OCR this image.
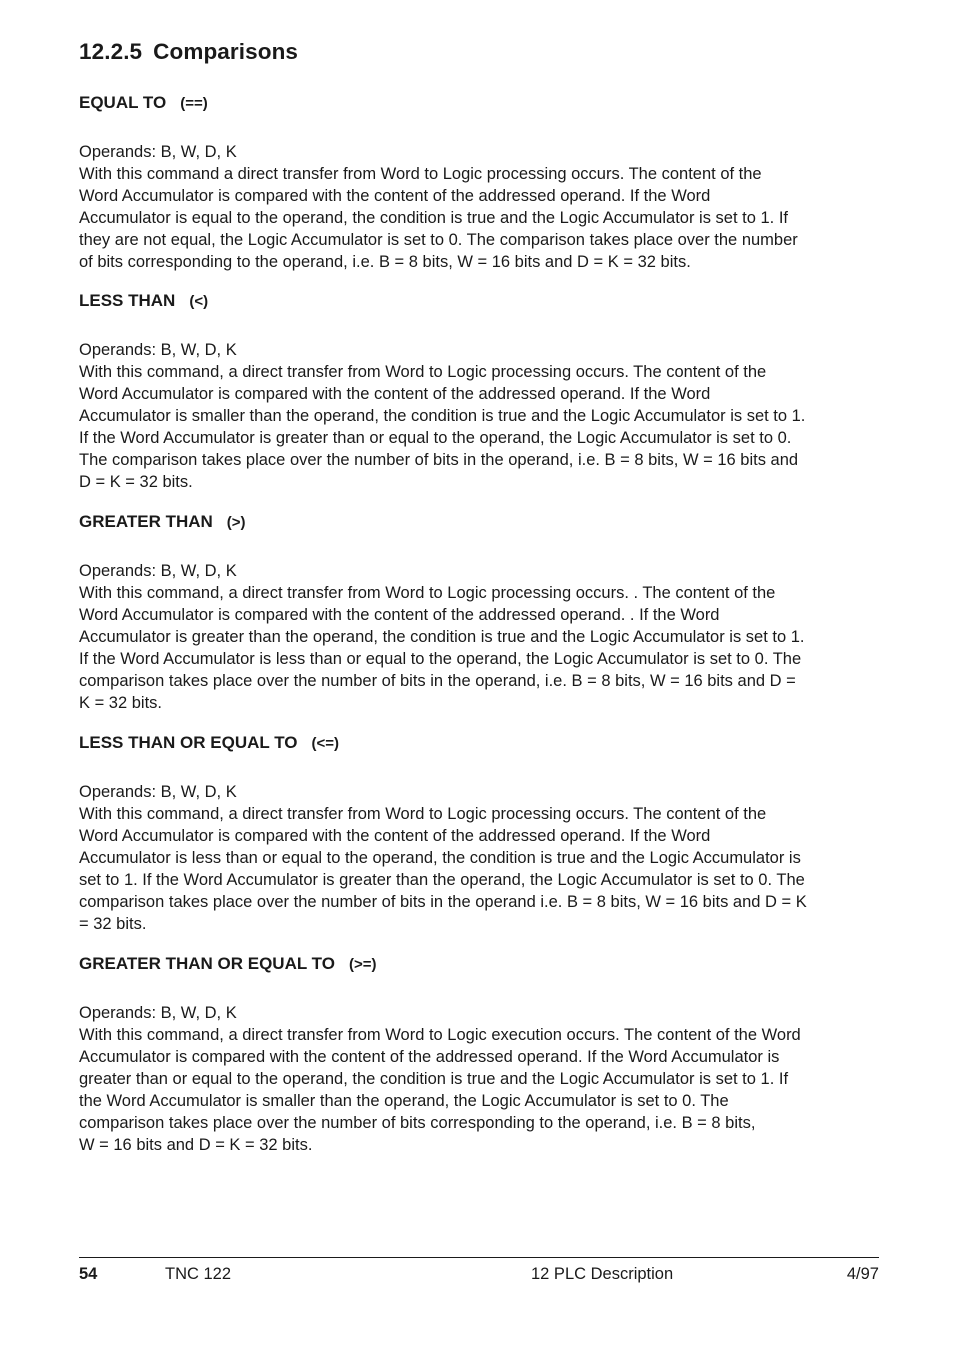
12.2.5 Comparisons
EQUAL TO (==)

Operands: B, W, D, K

With this command a direct transfer from Word to Logic processing occurs. The content of the
Word Accumulator is compared with the content of the addressed operand. If the Word
Accumulator is equal to the operand, the condition is true and the Logic Accumulator is set to 1. If
they are not equal, the Logic Accumulator is set to 0. The comparison takes place over the number
of bits corresponding to the operand, i.e. B = 8 bits, W = 16 bits and D = K = 32 bits.

LESS THAN (<)

Operands: B, W, D, K

With this command, a direct transfer from Word to Logic processing occurs. The content of the
Word Accumulator is compared with the content of the addressed operand. If the Word
Accumulator is smaller than the operand, the condition is true and the Logic Accumulator is set to 1.
If the Word Accumulator is greater than or equal to the operand, the Logic Accumulator is set to 0.
The comparison takes place over the number of bits in the operand, i.e. B = 8 bits, W = 16 bits and
D = K = 32 bits.

GREATER THAN (>)

Operands: B, W, D, K

With this command, a direct transfer from Word to Logic processing occurs. . The content of the
Word Accumulator is compared with the content of the addressed operand. . If the Word
Accumulator is greater than the operand, the condition is true and the Logic Accumulator is set to 1.
If the Word Accumulator is less than or equal to the operand, the Logic Accumulator is set to 0. The
comparison takes place over the number of bits in the operand, i.e. B = 8 bits, W = 16 bits and D =
K = 32 bits.

LESS THAN OR EQUAL TO (<=)

Operands: B, W, D, K

With this command, a direct transfer from Word to Logic processing occurs. The content of the
Word Accumulator is compared with the content of the addressed operand. If the Word
Accumulator is less than or equal to the operand, the condition is true and the Logic Accumulator is
set to 1. If the Word Accumulator is greater than the operand, the Logic Accumulator is set to 0. The
comparison takes place over the number of bits in the operand i.e. B = 8 bits, W = 16 bits and D = K
= 32 bits.

GREATER THAN OR EQUAL TO (>=)

Operands: B, W, D, K

With this command, a direct transfer from Word to Logic execution occurs. The content of the Word
Accumulator is compared with the content of the addressed operand. If the Word Accumulator is
greater than or equal to the operand, the condition is true and the Logic Accumulator is set to 1. If
the Word Accumulator is smaller than the operand, the Logic Accumulator is set to 0. The
comparison takes place over the number of bits corresponding to the operand, i.e. B = 8 bits,
W = 16 bits and D = K = 32 bits.

54	TNC 122	12 PLC Description	4/97
